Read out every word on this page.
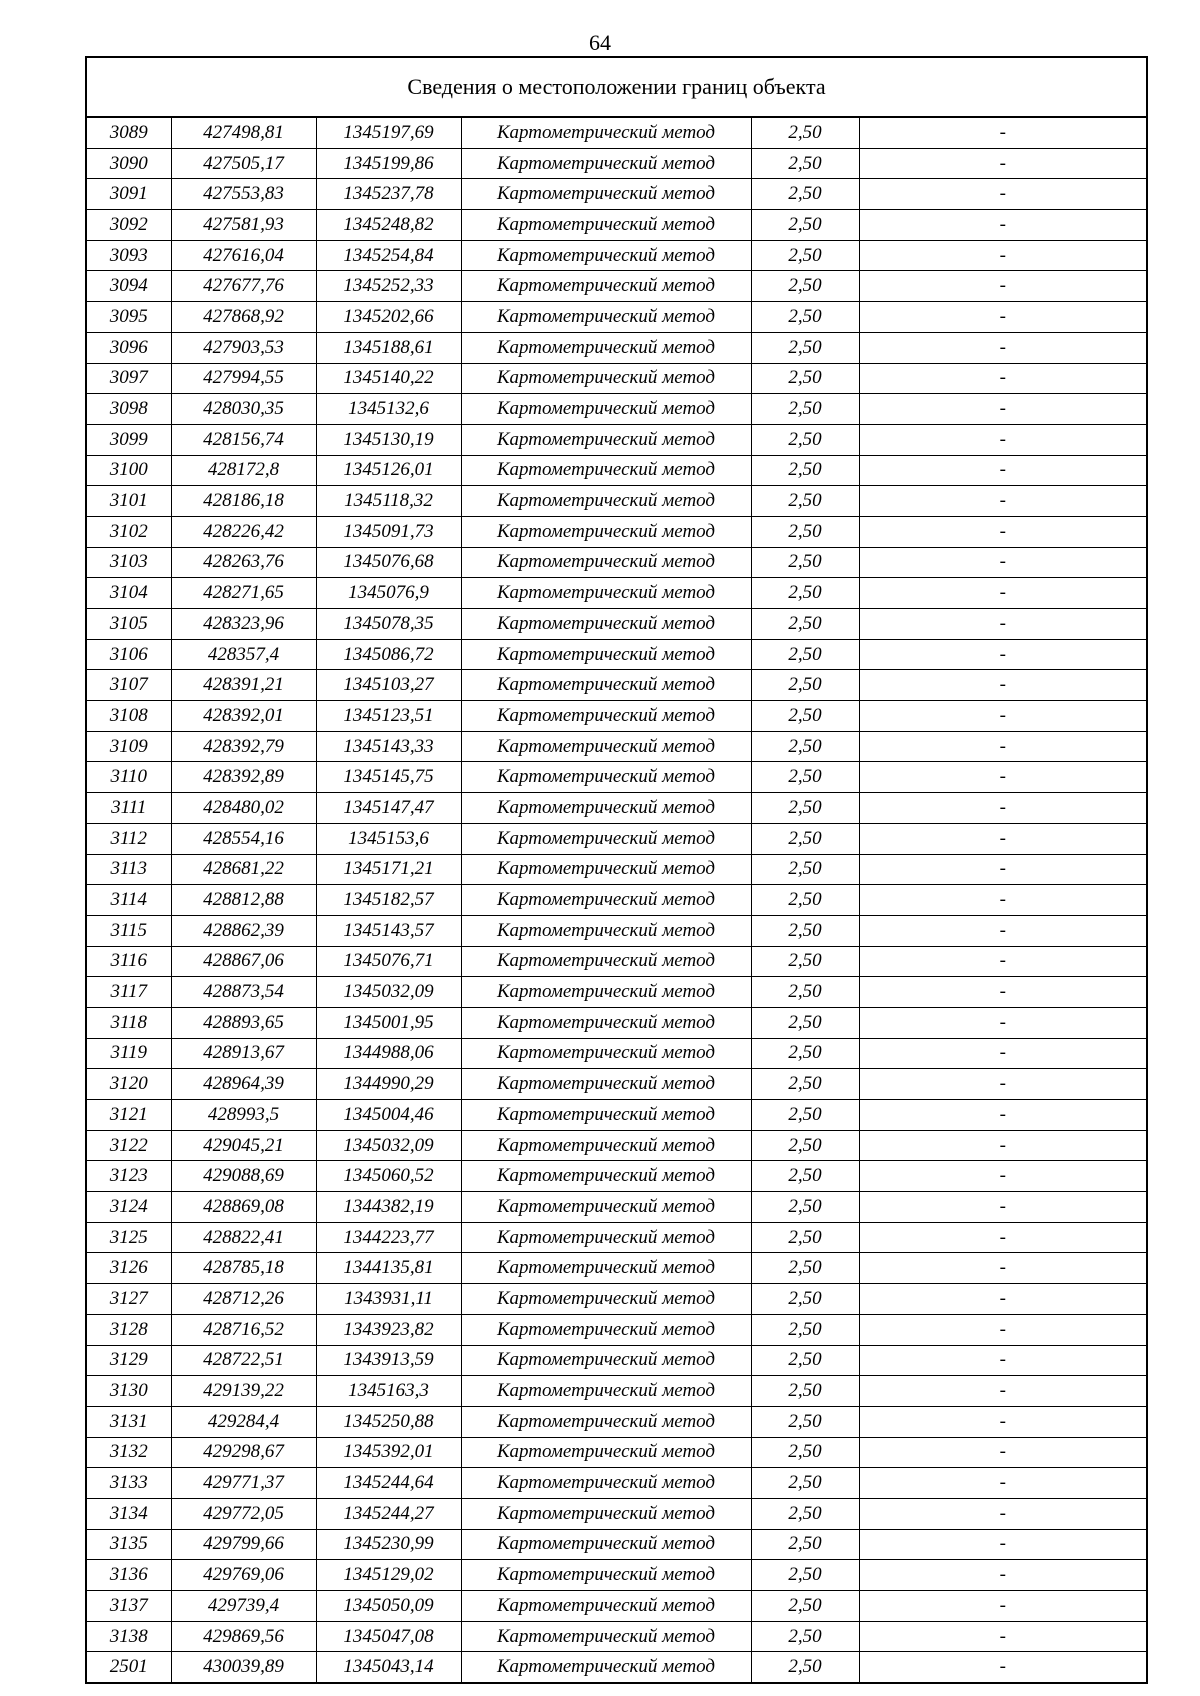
64
Сведения о местоположении границ объекта
3089	427498,81	1345197,69	Картометрический метод	2,50	-
3090	427505,17	1345199,86	Картометрический метод	2,50	-
3091	427553,83	1345237,78	Картометрический метод	2,50	-
3092	427581,93	1345248,82	Картометрический метод	2,50	-
3093	427616,04	1345254,84	Картометрический метод	2,50	-
3094	427677,76	1345252,33	Картометрический метод	2,50	-
3095	427868,92	1345202,66	Картометрический метод	2,50	-
3096	427903,53	1345188,61	Картометрический метод	2,50	-
3097	427994,55	1345140,22	Картометрический метод	2,50	-
3098	428030,35	1345132,6	Картометрический метод	2,50	-
3099	428156,74	1345130,19	Картометрический метод	2,50	-
3100	428172,8	1345126,01	Картометрический метод	2,50	-
3101	428186,18	1345118,32	Картометрический метод	2,50	-
3102	428226,42	1345091,73	Картометрический метод	2,50	-
3103	428263,76	1345076,68	Картометрический метод	2,50	-
3104	428271,65	1345076,9	Картометрический метод	2,50	-
3105	428323,96	1345078,35	Картометрический метод	2,50	-
3106	428357,4	1345086,72	Картометрический метод	2,50	-
3107	428391,21	1345103,27	Картометрический метод	2,50	-
3108	428392,01	1345123,51	Картометрический метод	2,50	-
3109	428392,79	1345143,33	Картометрический метод	2,50	-
3110	428392,89	1345145,75	Картометрический метод	2,50	-
3111	428480,02	1345147,47	Картометрический метод	2,50	-
3112	428554,16	1345153,6	Картометрический метод	2,50	-
3113	428681,22	1345171,21	Картометрический метод	2,50	-
3114	428812,88	1345182,57	Картометрический метод	2,50	-
3115	428862,39	1345143,57	Картометрический метод	2,50	-
3116	428867,06	1345076,71	Картометрический метод	2,50	-
3117	428873,54	1345032,09	Картометрический метод	2,50	-
3118	428893,65	1345001,95	Картометрический метод	2,50	-
3119	428913,67	1344988,06	Картометрический метод	2,50	-
3120	428964,39	1344990,29	Картометрический метод	2,50	-
3121	428993,5	1345004,46	Картометрический метод	2,50	-
3122	429045,21	1345032,09	Картометрический метод	2,50	-
3123	429088,69	1345060,52	Картометрический метод	2,50	-
3124	428869,08	1344382,19	Картометрический метод	2,50	-
3125	428822,41	1344223,77	Картометрический метод	2,50	-
3126	428785,18	1344135,81	Картометрический метод	2,50	-
3127	428712,26	1343931,11	Картометрический метод	2,50	-
3128	428716,52	1343923,82	Картометрический метод	2,50	-
3129	428722,51	1343913,59	Картометрический метод	2,50	-
3130	429139,22	1345163,3	Картометрический метод	2,50	-
3131	429284,4	1345250,88	Картометрический метод	2,50	-
3132	429298,67	1345392,01	Картометрический метод	2,50	-
3133	429771,37	1345244,64	Картометрический метод	2,50	-
3134	429772,05	1345244,27	Картометрический метод	2,50	-
3135	429799,66	1345230,99	Картометрический метод	2,50	-
3136	429769,06	1345129,02	Картометрический метод	2,50	-
3137	429739,4	1345050,09	Картометрический метод	2,50	-
3138	429869,56	1345047,08	Картометрический метод	2,50	-
2501	430039,89	1345043,14	Картометрический метод	2,50	-
